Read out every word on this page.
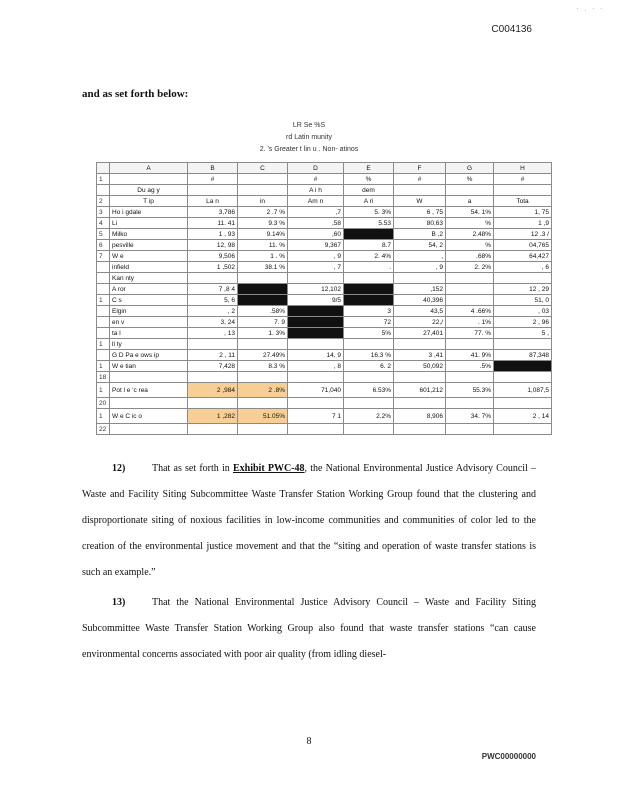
· . · ·
C004136
and as set forth below:
LR Se %S
rd Latin munity
2. 's Greater t lin u . Non- atinos
	A	B	C	D	E	F	G	H
1		#		#	%	#	%	#
	Du ag y			A i h	dem			
2	T ip	La n	in	Am n	A ri	W	a	Tota
3	Ho i gdale	3,786	2 .7 %	,7	5. 3%	6 , 75	54. 1%	1, 75
4	Li	11. 41	9.3 %	,58	5.53	80,63	%	1 ,9
5	Milko	1 , 93	9.14%	,60		B ,2	2.48%	12 .3 /
6	pesville	12, 98	11. %	9,367	8.7	54, 2	%	04,765
7	W e	9,506	1 . %	, 9	2. 4%	,	.68%	64,427
	infield	1 ,502	38.1 %	, 7	.	, 9	2. 2%	, 6
	Kan nty							
	A ror	7 ,8 4		12,102		,152		12 , 29
1	C s	5, 6		9/5		40,396		51, 0
	Elgin	, 2	.58%		3	43,5	4 .66%	, 03
	en v	3, 24	7. 9		72	22,/	. 1%	2 , 96
	ta l	, 13	1. 3%		5%	27,401	77. %	5 ,
1	ll ty							
	G D Pa e ows ip	2 , 11	27.49%	14, 9	16.3 %	3 ,41	41. 9%	87,348
1	W e tian	7,428	8.3 %	, 8	6. 2	50,092	.5%	
18								
1	Pot l e 'c rea	2 ,984	2 .8%	71,040	6.53%	601,212	55.3%	1,087,5
20								
1	W e C ic o	1 ,282	51.05%	7 1	2.2%	8,906	34. 7%	2 , 14
22								
12)	That as set forth in Exhibit PWC-48, the National Environmental Justice Advisory Council – Waste and Facility Siting Subcommittee Waste Transfer Station Working Group found that the clustering and disproportionate siting of noxious facilities in low-income communities and communities of color led to the creation of the environmental justice movement and that the “siting and operation of waste transfer stations is such an example.”
13)	That the National Environmental Justice Advisory Council – Waste and Facility Siting Subcommittee Waste Transfer Station Working Group also found that waste transfer stations “can cause environmental concerns associated with poor air quality (from idling diesel-
8
PWC00000000
